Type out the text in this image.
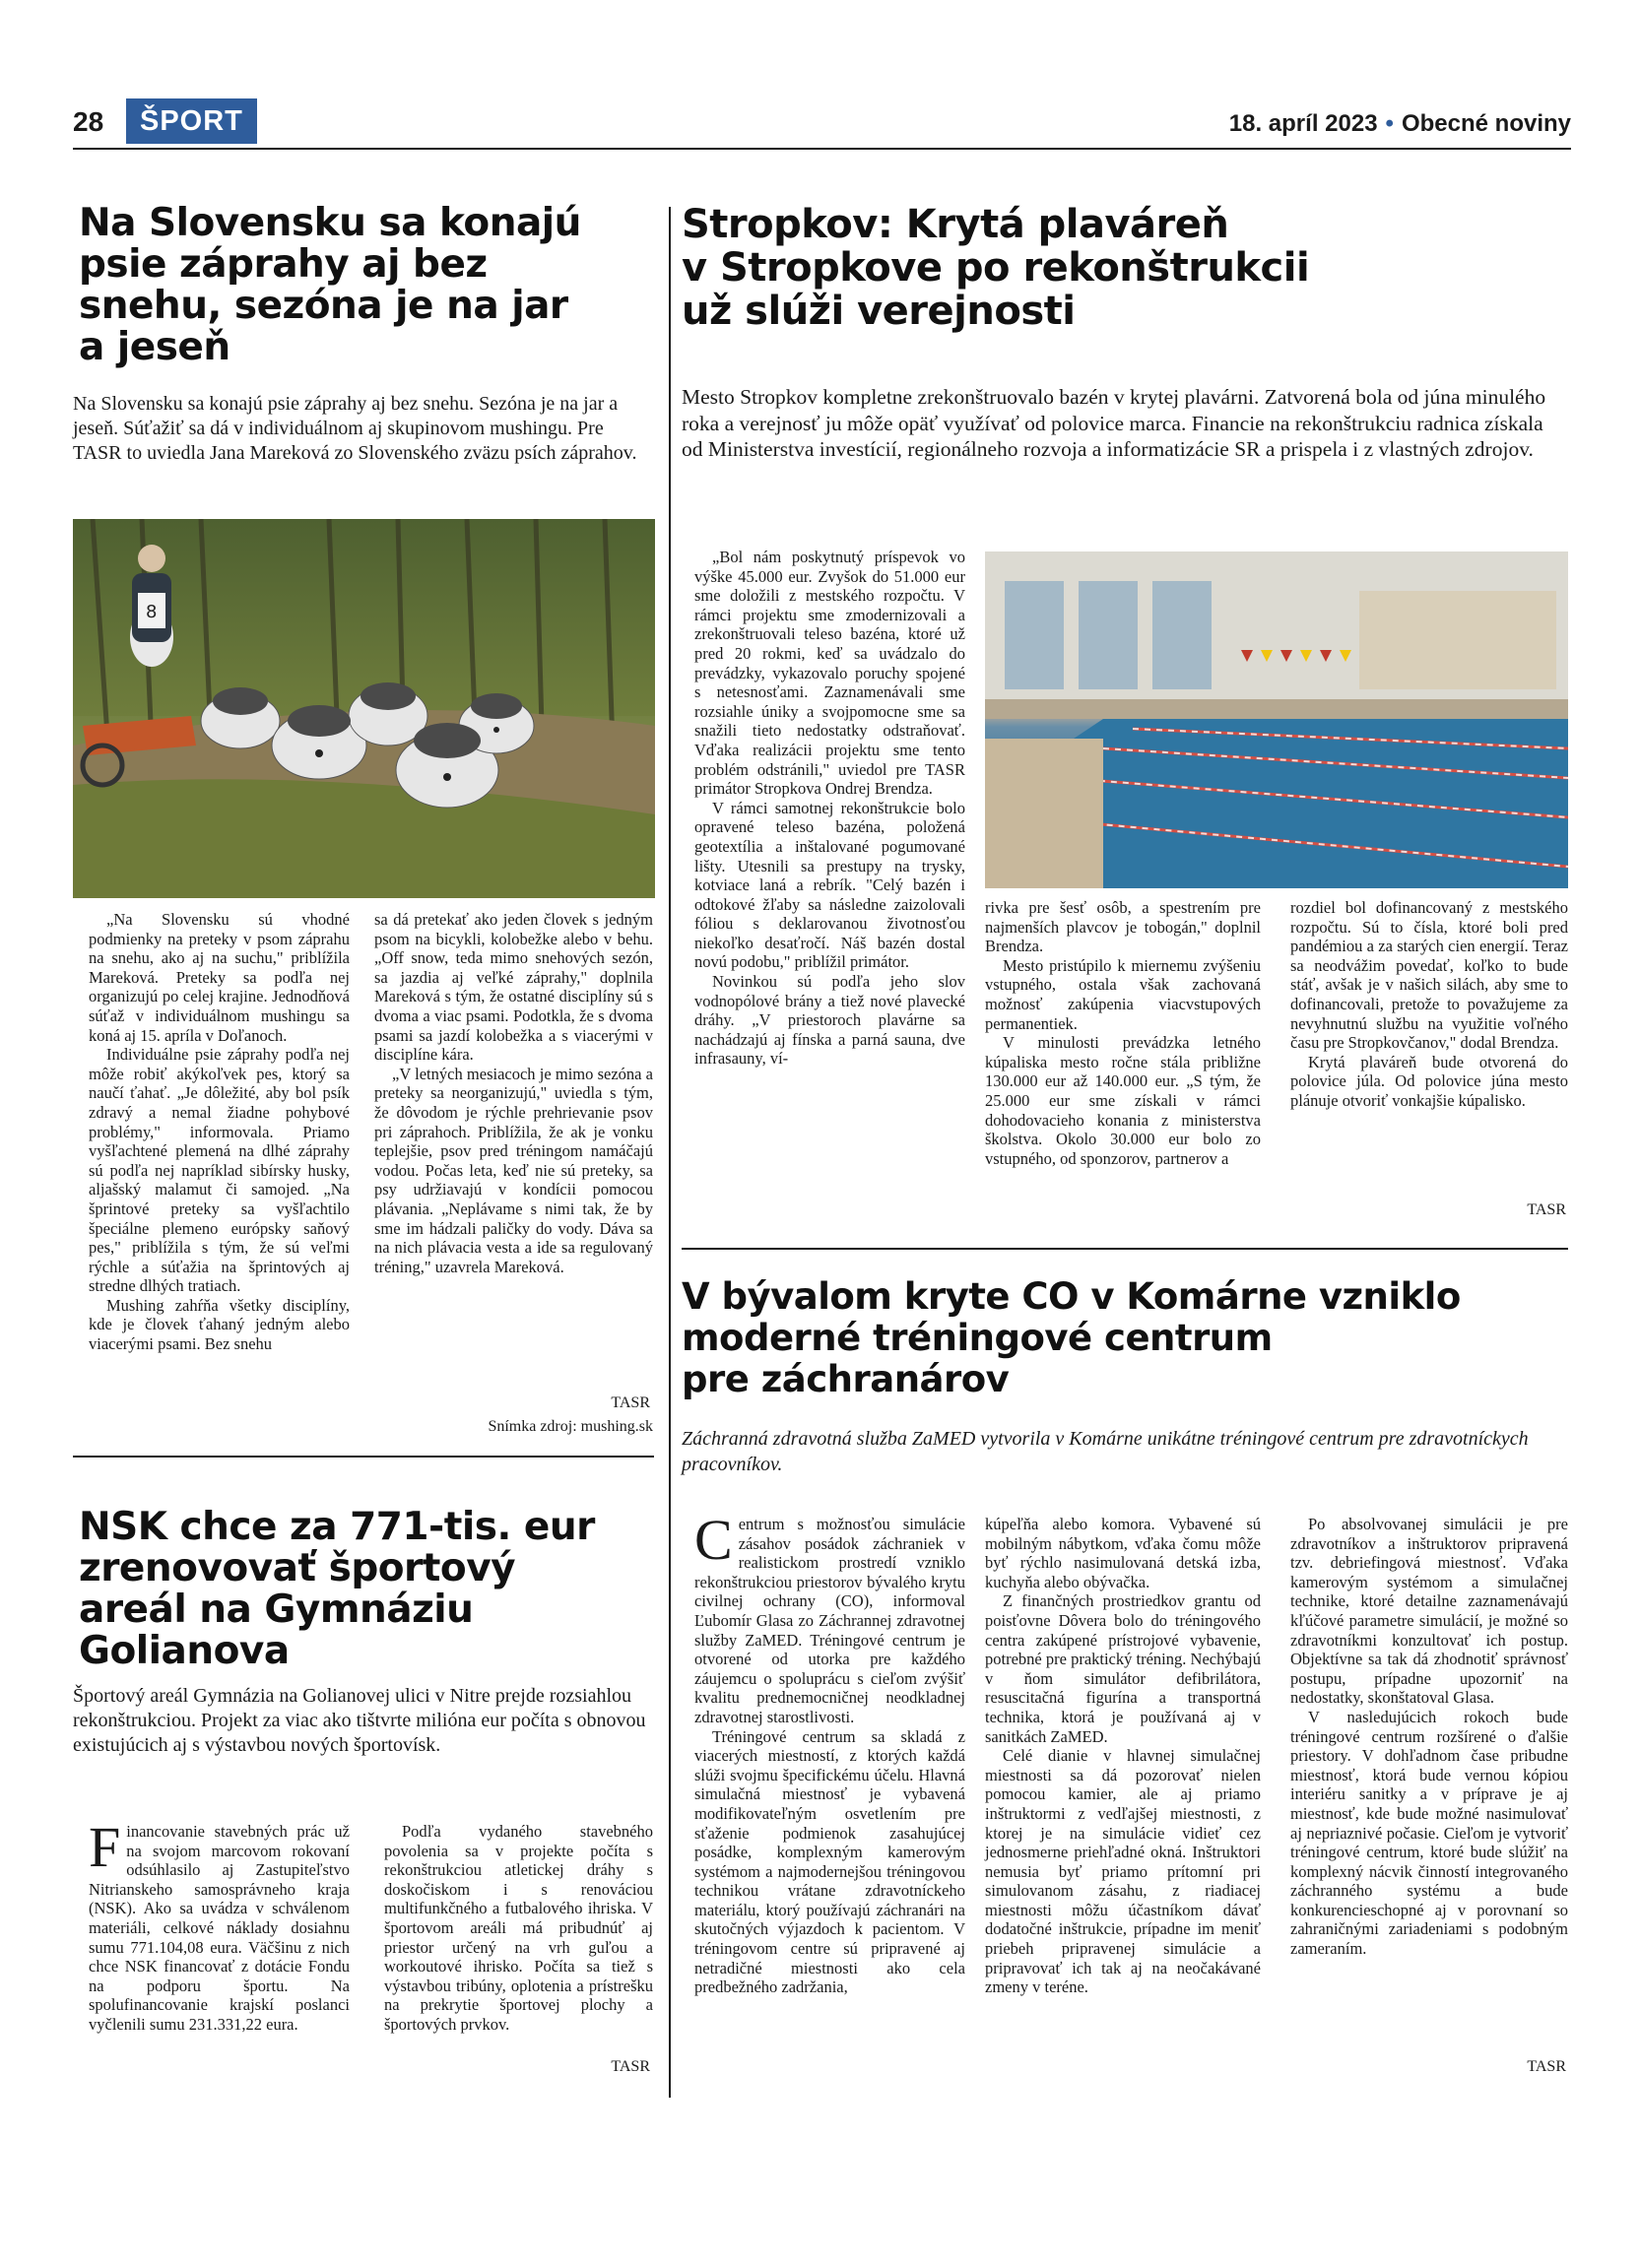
28	ŠPORT	18. apríl 2023 • Obecné noviny
Na Slovensku sa konajú
psie záprahy aj bez
snehu, sezóna je na jar
a jeseň

Na Slovensku sa konajú psie záprahy aj bez snehu. Sezóna je na jar a jeseň. Súťažiť sa dá v individuálnom aj skupinovom mushingu. Pre TASR to uviedla Jana Mareková zo Slovenského zväzu psích záprahov.

8

„Na Slovensku sú vhodné podmienky na preteky v psom záprahu na snehu, ako aj na suchu," priblížila Mareková. Preteky sa podľa nej organizujú po celej krajine. Jednodňová súťaž v individuálnom mushingu sa koná aj 15. apríla v Doľanoch.

Individuálne psie záprahy podľa nej môže robiť akýkoľvek pes, ktorý sa naučí ťahať. „Je dôležité, aby bol psík zdravý a nemal žiadne pohybové problémy," informovala. Priamo vyšľachtené plemená na dlhé záprahy sú podľa nej napríklad sibírsky husky, aljašský malamut či samojed. „Na šprintové preteky sa vyšľachtilo špeciálne plemeno európsky saňový pes," priblížila s tým, že sú veľmi rýchle a súťažia na šprintových aj stredne dlhých tratiach.

Mushing zahŕňa všetky disciplíny, kde je človek ťahaný jedným alebo viacerými psami. Bez snehu

sa dá pretekať ako jeden človek s jedným psom na bicykli, kolobežke alebo v behu. „Off snow, teda mimo snehových sezón, sa jazdia aj veľké záprahy," doplnila Mareková s tým, že ostatné disciplíny sú s dvoma a viac psami. Podotkla, že s dvoma psami sa jazdí kolobežka a s viacerými v disciplíne kára.

„V letných mesiacoch je mimo sezóna a preteky sa neorganizujú," uviedla s tým, že dôvodom je rýchle prehrievanie psov pri záprahoch. Priblížila, že ak je vonku teplejšie, psov pred tréningom namáčajú vodou. Počas leta, keď nie sú preteky, sa psy udržiavajú v kondícii pomocou plávania. „Neplávame s nimi tak, že by sme im hádzali paličky do vody. Dáva sa na nich plávacia vesta a ide sa regulovaný tréning," uzavrela Mareková.

TASR
Snímka zdroj: mushing.sk
NSK chce za 771-tis. eur
zrenovovať športový
areál na Gymnáziu
Golianova

Športový areál Gymnázia na Golianovej ulici v Nitre prejde rozsiahlou rekonštrukciou. Projekt za viac ako tištvrte milióna eur počíta s obnovou existujúcich aj s výstavbou nových športovísk.

F inancovanie stavebných prác už na svojom marcovom rokovaní odsúhlasilo aj Zastupiteľstvo Nitrianskeho samosprávneho kraja (NSK). Ako sa uvádza v schválenom materiáli, celkové náklady dosiahnu sumu 771.104,08 eura. Väčšinu z nich chce NSK financovať z dotácie Fondu na podporu športu. Na spolufinancovanie krajskí poslanci vyčlenili sumu 231.331,22 eura.

Podľa vydaného stavebného povolenia sa v projekte počíta s rekonštrukciou atletickej dráhy s doskočiskom i s renováciou multifunkčného a futbalového ihriska. V športovom areáli má pribudnúť aj priestor určený na vrh guľou a workoutové ihrisko. Počíta sa tiež s výstavbou tribúny, oplotenia a prístrešku na prekrytie športovej plochy a športových prvkov.

TASR
Stropkov: Krytá plaváreň
v Stropkove po rekonštrukcii
už slúži verejnosti

Mesto Stropkov kompletne zrekonštruovalo bazén v krytej plavárni. Zatvorená bola od júna minulého roka a verejnosť ju môže opäť využívať od polovice marca. Financie na rekonštrukciu radnica získala od Ministerstva investícií, regionálneho rozvoja a informatizácie SR a prispela i z vlastných zdrojov.

„Bol nám poskytnutý príspevok vo výške 45.000 eur. Zvyšok do 51.000 eur sme doložili z mestského rozpočtu. V rámci projektu sme zmodernizovali a zrekonštruovali teleso bazéna, ktoré už pred 20 rokmi, keď sa uvádzalo do prevádzky, vykazovalo poruchy spojené s netesnosťami. Zaznamenávali sme rozsiahle úniky a svojpomocne sme sa snažili tieto nedostatky odstraňovať. Vďaka realizácii projektu sme tento problém odstránili," uviedol pre TASR primátor Stropkova Ondrej Brendza.

V rámci samotnej rekonštrukcie bolo opravené teleso bazéna, položená geotextília a inštalované pogumované lišty. Utesnili sa prestupy na trysky, kotviace laná a rebrík. "Celý bazén i odtokové žľaby sa následne zaizolovali fóliou s deklarovanou životnosťou niekoľko desaťročí. Náš bazén dostal novú podobu," priblížil primátor.

Novinkou sú podľa jeho slov vodnopólové brány a tiež nové plavecké dráhy. „V priestoroch plavárne sa nachádzajú aj fínska a parná sauna, dve infrasauny, ví-

rivka pre šesť osôb, a spestrením pre najmenších plavcov je tobogán," doplnil Brendza.

Mesto pristúpilo k miernemu zvýšeniu vstupného, ostala však zachovaná možnosť zakúpenia viacvstupových permanentiek.

V minulosti prevádzka letného kúpaliska mesto ročne stála približne 130.000 eur až 140.000 eur. „S tým, že 25.000 eur sme získali v rámci dohodovacieho konania z ministerstva školstva. Okolo 30.000 eur bolo zo vstupného, od sponzorov, partnerov a

rozdiel bol dofinancovaný z mestského rozpočtu. Sú to čísla, ktoré boli pred pandémiou a za starých cien energií. Teraz sa neodvážim povedať, koľko to bude stáť, avšak je v našich silách, aby sme to dofinancovali, pretože to považujeme za nevyhnutnú službu na využitie voľného času pre Stropkovčanov," dodal Brendza.

Krytá plaváreň bude otvorená do polovice júla. Od polovice júna mesto plánuje otvoriť vonkajšie kúpalisko.

TASR
V bývalom kryte CO v Komárne vzniklo
moderné tréningové centrum
pre záchranárov

Záchranná zdravotná služba ZaMED vytvorila v Komárne unikátne tréningové centrum pre zdravotníckych pracovníkov.

C entrum s možnosťou simulácie zásahov posádok záchraniek v realistickom prostredí vzniklo rekonštrukciou priestorov bývalého krytu civilnej ochrany (CO), informoval Ľubomír Glasa zo Záchrannej zdravotnej služby ZaMED. Tréningové centrum je otvorené od utorka pre každého záujemcu o spoluprácu s cieľom zvýšiť kvalitu prednemocničnej neodkladnej zdravotnej starostlivosti.

Tréningové centrum sa skladá z viacerých miestností, z ktorých každá slúži svojmu špecifickému účelu. Hlavná simulačná miestnosť je vybavená modifikovateľným osvetlením pre sťaženie podmienok zasahujúcej posádke, komplexným kamerovým systémom a najmodernejšou tréningovou technikou vrátane zdravotníckeho materiálu, ktorý používajú záchranári na skutočných výjazdoch k pacientom. V tréningovom centre sú pripravené aj netradičné miestnosti ako cela predbežného zadržania,

kúpeľňa alebo komora. Vybavené sú mobilným nábytkom, vďaka čomu môže byť rýchlo nasimulovaná detská izba, kuchyňa alebo obývačka.

Z finančných prostriedkov grantu od poisťovne Dôvera bolo do tréningového centra zakúpené prístrojové vybavenie, potrebné pre praktický tréning. Nechýbajú v ňom simulátor defibrilátora, resuscitačná figurína a transportná technika, ktorá je používaná aj v sanitkách ZaMED.

Celé dianie v hlavnej simulačnej miestnosti sa dá pozorovať nielen pomocou kamier, ale aj priamo inštruktormi z vedľajšej miestnosti, z ktorej je na simulácie vidieť cez jednosmerne priehľadné okná. Inštruktori nemusia byť priamo prítomní pri simulovanom zásahu, z riadiacej miestnosti môžu účastníkom dávať dodatočné inštrukcie, prípadne im meniť priebeh pripravenej simulácie a pripravovať ich tak aj na neočakávané zmeny v teréne.

Po absolvovanej simulácii je pre zdravotníkov a inštruktorov pripravená tzv. debriefingová miestnosť. Vďaka kamerovým systémom a simulačnej technike, ktoré detailne zaznamenávajú kľúčové parametre simulácií, je možné so zdravotníkmi konzultovať ich postup. Objektívne sa tak dá zhodnotiť správnosť postupu, prípadne upozorniť na nedostatky, skonštatoval Glasa.

V nasledujúcich rokoch bude tréningové centrum rozšírené o ďalšie priestory. V dohľadnom čase pribudne miestnosť, ktorá bude vernou kópiou interiéru sanitky a v príprave je aj miestnosť, kde bude možné nasimulovať aj nepriaznivé počasie. Cieľom je vytvoriť tréningové centrum, ktoré bude slúžiť na komplexný nácvik činností integrovaného záchranného systému a bude konkurencieschopné aj v porovnaní so zahraničnými zariadeniami s podobným zameraním.

TASR
